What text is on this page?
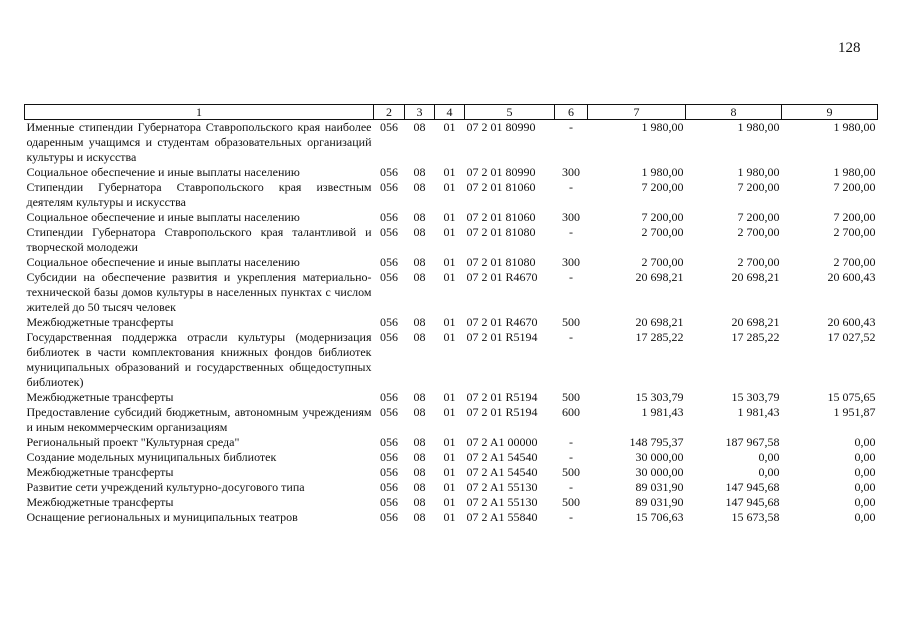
128
1	2	3	4	5	6	7	8	9
Именные стипендии Губернатора Ставропольского края наиболее одаренным учащимся и студентам образовательных организаций культуры и искусства	056	08	01	07 2 01 80990	-	1 980,00	1 980,00	1 980,00
Социальное обеспечение и иные выплаты населению	056	08	01	07 2 01 80990	300	1 980,00	1 980,00	1 980,00
Стипендии Губернатора Ставропольского края известным деятелям культуры и искусства	056	08	01	07 2 01 81060	-	7 200,00	7 200,00	7 200,00
Социальное обеспечение и иные выплаты населению	056	08	01	07 2 01 81060	300	7 200,00	7 200,00	7 200,00
Стипендии Губернатора Ставропольского края талантливой и творческой молодежи	056	08	01	07 2 01 81080	-	2 700,00	2 700,00	2 700,00
Социальное обеспечение и иные выплаты населению	056	08	01	07 2 01 81080	300	2 700,00	2 700,00	2 700,00
Субсидии на обеспечение развития и укрепления материально-технической базы домов культуры в населенных пунктах с числом жителей до 50 тысяч человек	056	08	01	07 2 01 R4670	-	20 698,21	20 698,21	20 600,43
Межбюджетные трансферты	056	08	01	07 2 01 R4670	500	20 698,21	20 698,21	20 600,43
Государственная поддержка отрасли культуры (модернизация библиотек в части комплектования книжных фондов библиотек муниципальных образований и государственных общедоступных библиотек)	056	08	01	07 2 01 R5194	-	17 285,22	17 285,22	17 027,52
Межбюджетные трансферты	056	08	01	07 2 01 R5194	500	15 303,79	15 303,79	15 075,65
Предоставление субсидий бюджетным, автономным учреждениям и иным некоммерческим организациям	056	08	01	07 2 01 R5194	600	1 981,43	1 981,43	1 951,87
Региональный проект "Культурная среда"	056	08	01	07 2 A1 00000	-	148 795,37	187 967,58	0,00
Создание модельных муниципальных библиотек	056	08	01	07 2 A1 54540	-	30 000,00	0,00	0,00
Межбюджетные трансферты	056	08	01	07 2 A1 54540	500	30 000,00	0,00	0,00
Развитие сети учреждений культурно-досугового типа	056	08	01	07 2 A1 55130	-	89 031,90	147 945,68	0,00
Межбюджетные трансферты	056	08	01	07 2 A1 55130	500	89 031,90	147 945,68	0,00
Оснащение региональных и муниципальных театров	056	08	01	07 2 A1 55840	-	15 706,63	15 673,58	0,00
